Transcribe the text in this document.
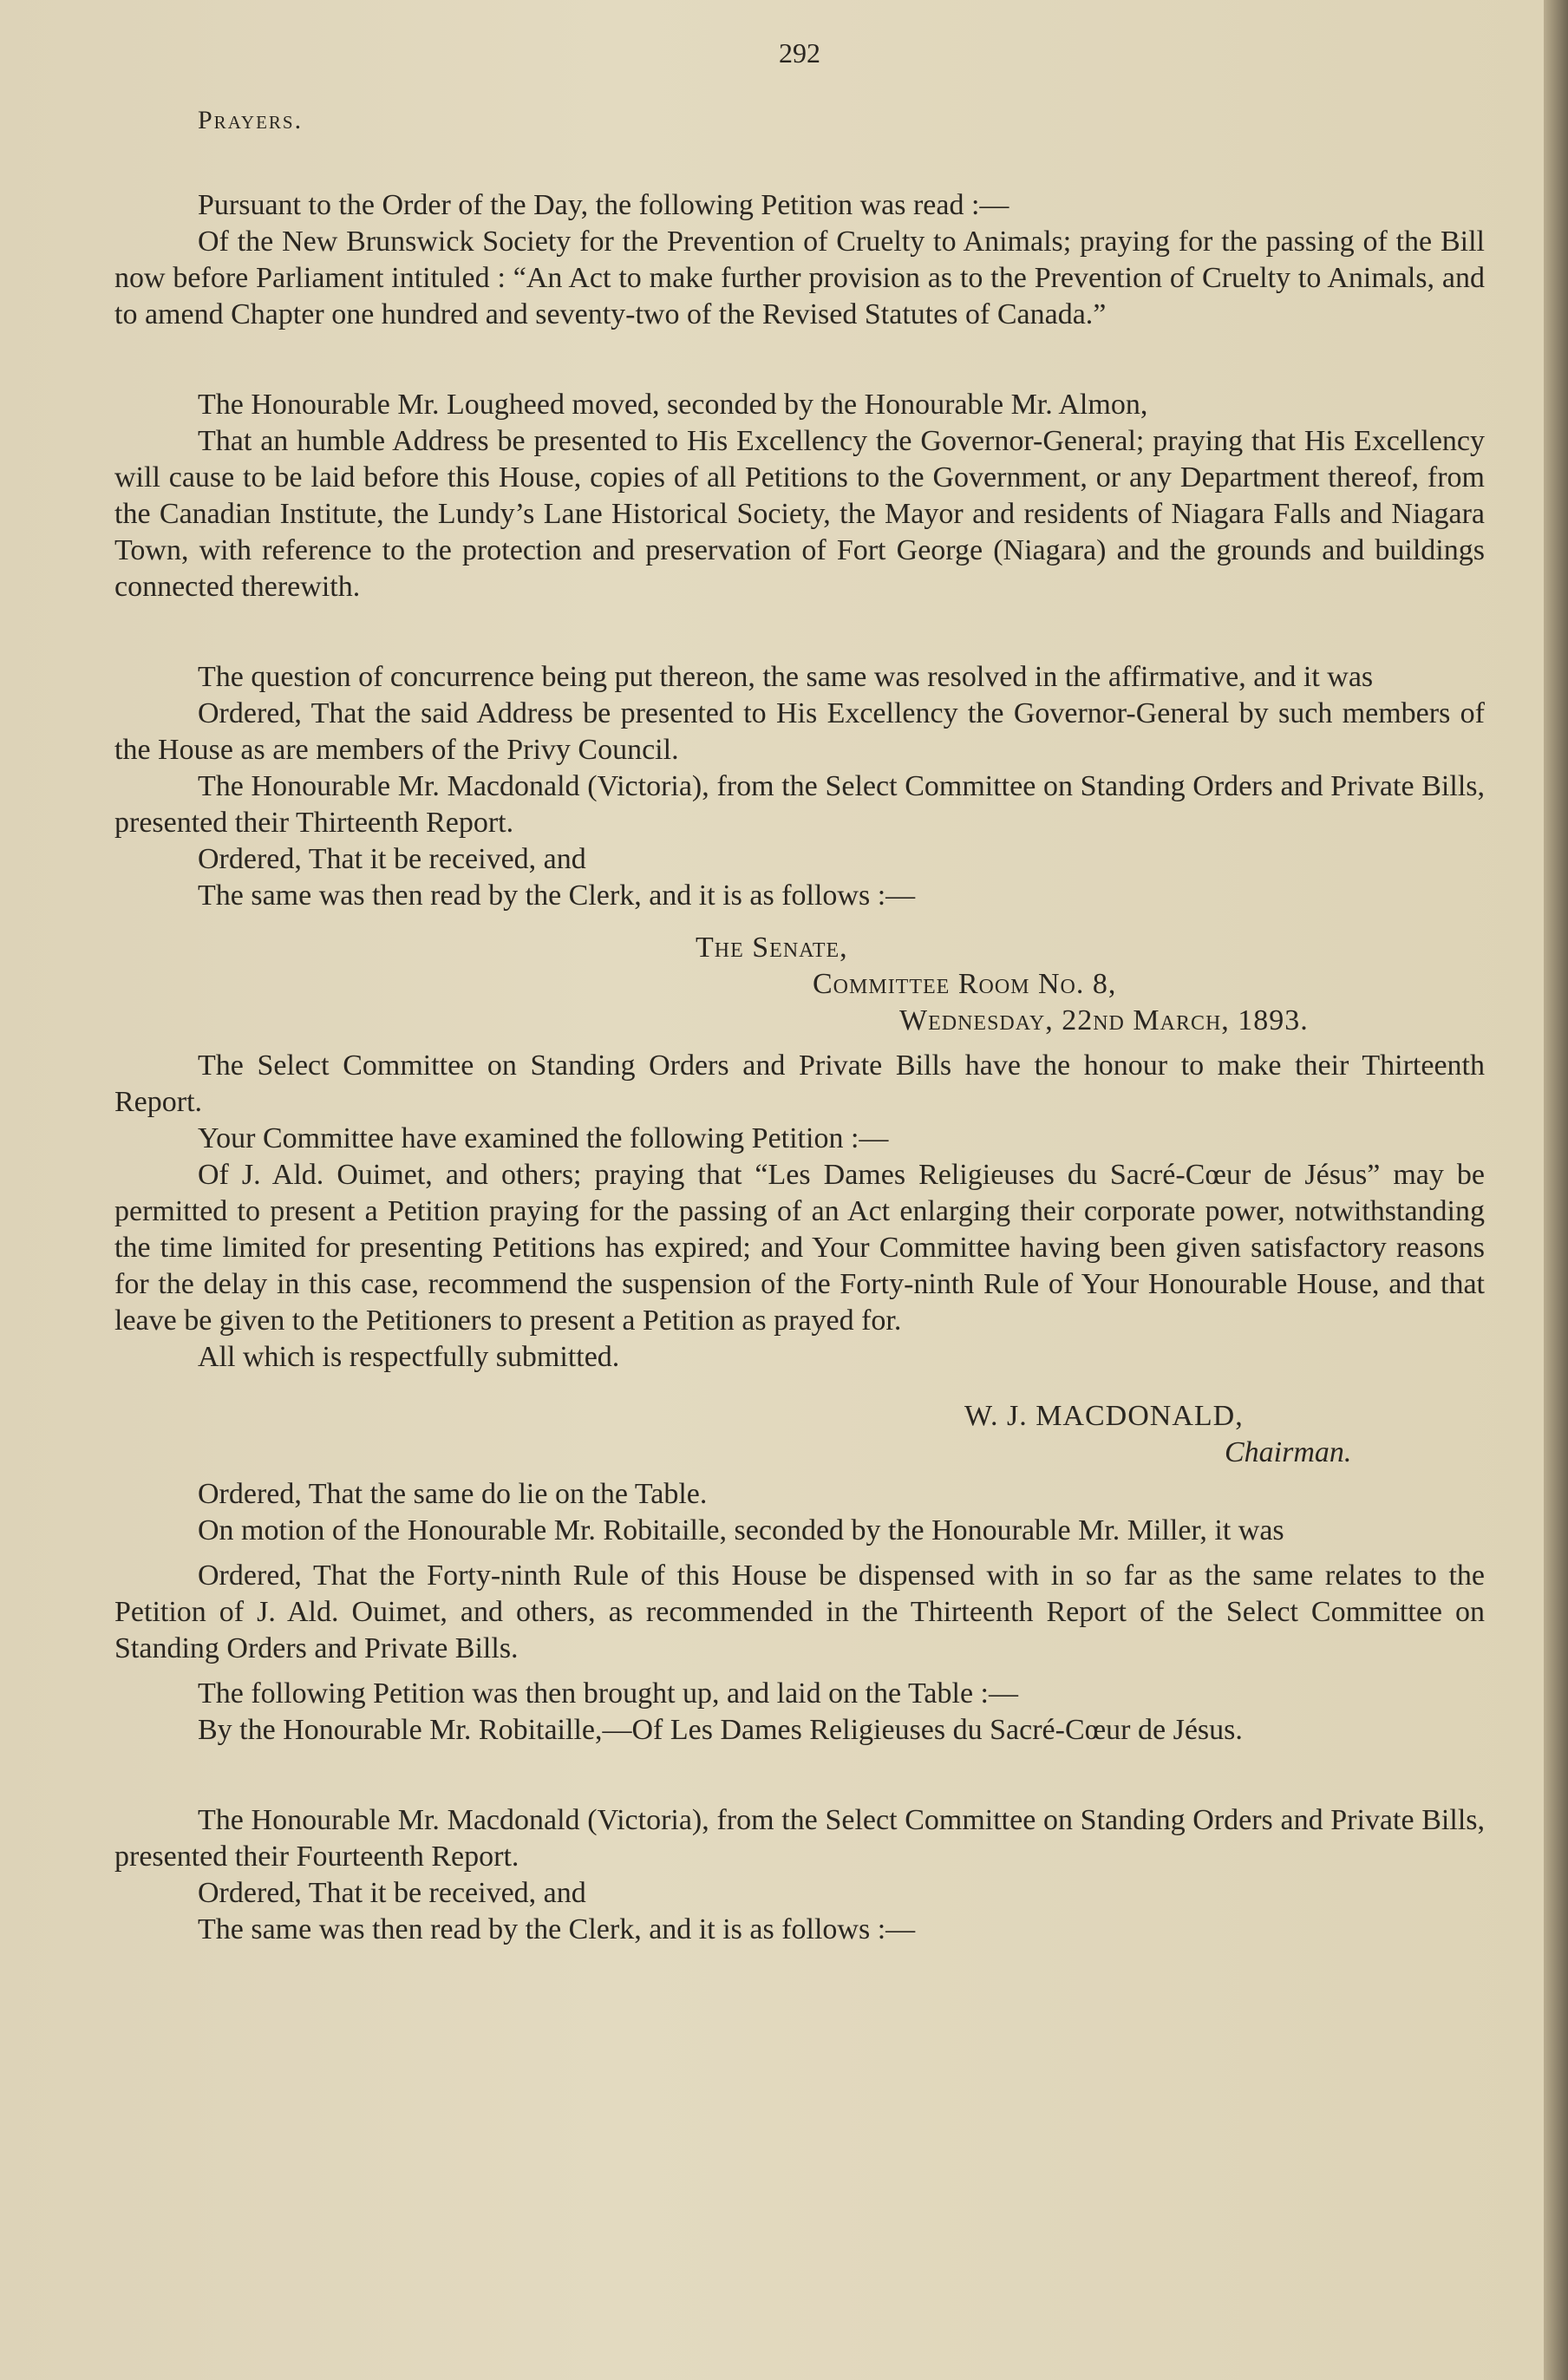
292
Prayers.

Pursuant to the Order of the Day, the following Petition was read :—

Of the New Brunswick Society for the Prevention of Cruelty to Animals; praying for the passing of the Bill now before Parliament intituled : “An Act to make further provision as to the Prevention of Cruelty to Animals, and to amend Chapter one hundred and seventy-two of the Revised Statutes of Canada.”

The Honourable Mr. Lougheed moved, seconded by the Honourable Mr. Almon,

That an humble Address be presented to His Excellency the Governor-General; praying that His Excellency will cause to be laid before this House, copies of all Petitions to the Government, or any Department thereof, from the Canadian Institute, the Lundy’s Lane Historical Society, the Mayor and residents of Niagara Falls and Niagara Town, with reference to the protection and preservation of Fort George (Niagara) and the grounds and buildings connected therewith.

The question of concurrence being put thereon, the same was resolved in the affirmative, and it was

Ordered, That the said Address be presented to His Excellency the Governor-General by such members of the House as are members of the Privy Council.

The Honourable Mr. Macdonald (Victoria), from the Select Committee on Standing Orders and Private Bills, presented their Thirteenth Report.

Ordered, That it be received, and

The same was then read by the Clerk, and it is as follows :—

The Senate,
Committee Room No. 8,
Wednesday, 22nd March, 1893.

The Select Committee on Standing Orders and Private Bills have the honour to make their Thirteenth Report.

Your Committee have examined the following Petition :—

Of J. Ald. Ouimet, and others; praying that “Les Dames Religieuses du Sacré-Cœur de Jésus” may be permitted to present a Petition praying for the passing of an Act enlarging their corporate power, notwithstanding the time limited for presenting Petitions has expired; and Your Committee having been given satisfactory reasons for the delay in this case, recommend the suspension of the Forty-ninth Rule of Your Honourable House, and that leave be given to the Petitioners to present a Petition as prayed for.

All which is respectfully submitted.

W. J. MACDONALD,
Chairman.

Ordered, That the same do lie on the Table.

On motion of the Honourable Mr. Robitaille, seconded by the Honourable Mr. Miller, it was

Ordered, That the Forty-ninth Rule of this House be dispensed with in so far as the same relates to the Petition of J. Ald. Ouimet, and others, as recommended in the Thirteenth Report of the Select Committee on Standing Orders and Private Bills.

The following Petition was then brought up, and laid on the Table :—

By the Honourable Mr. Robitaille,—Of Les Dames Religieuses du Sacré-Cœur de Jésus.

The Honourable Mr. Macdonald (Victoria), from the Select Committee on Standing Orders and Private Bills, presented their Fourteenth Report.

Ordered, That it be received, and

The same was then read by the Clerk, and it is as follows :—
